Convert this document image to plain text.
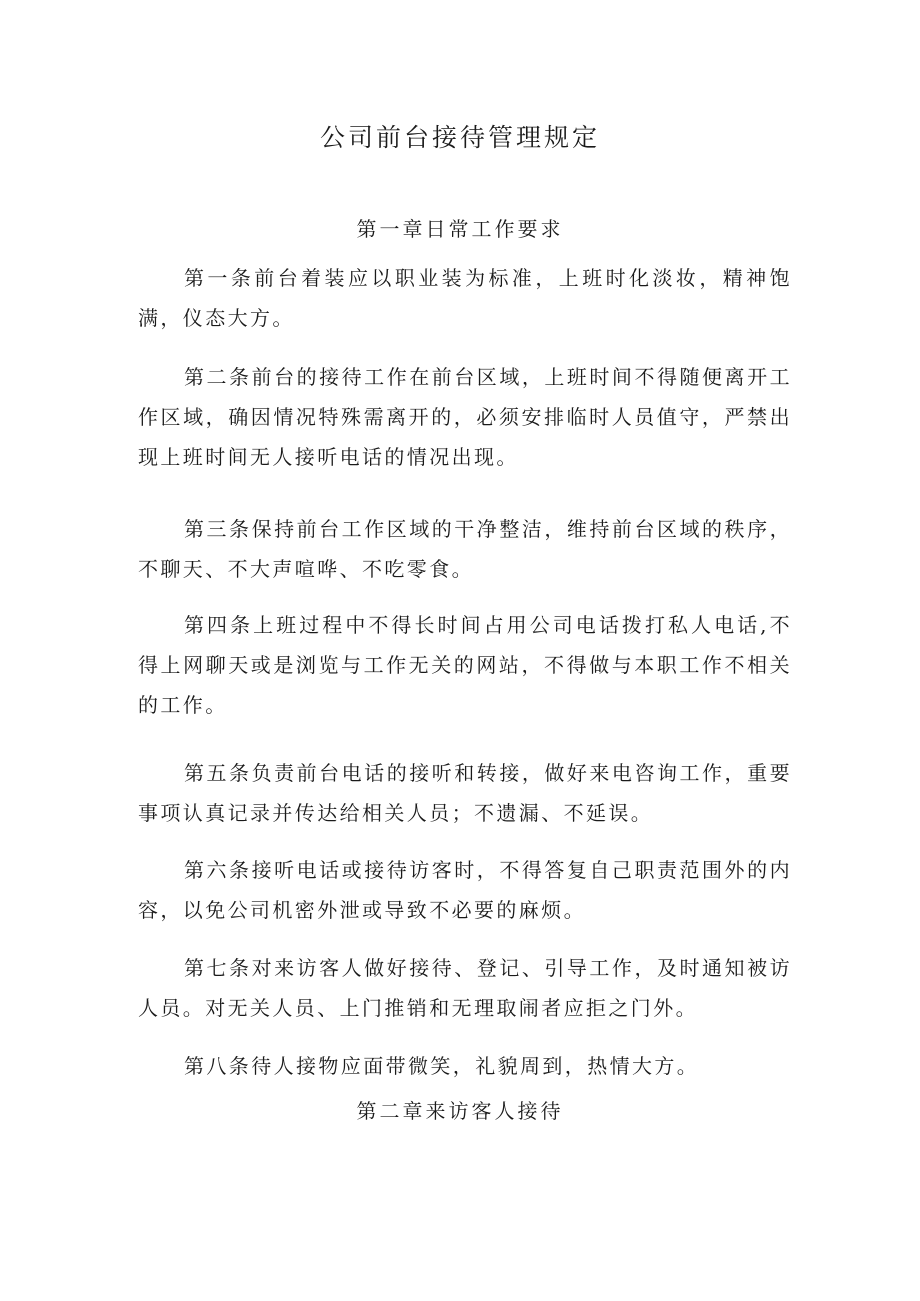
公司前台接待管理规定
第一章日常工作要求

第一条前台着装应以职业装为标准，上班时化淡妆，精神饱满，仪态大方。

第二条前台的接待工作在前台区域，上班时间不得随便离开工作区域，确因情况特殊需离开的，必须安排临时人员值守，严禁出现上班时间无人接听电话的情况出现。

第三条保持前台工作区域的干净整洁，维持前台区域的秩序，不聊天、不大声喧哗、不吃零食。

第四条上班过程中不得长时间占用公司电话拨打私人电话,不得上网聊天或是浏览与工作无关的网站，不得做与本职工作不相关的工作。

第五条负责前台电话的接听和转接，做好来电咨询工作，重要事项认真记录并传达给相关人员；不遗漏、不延误。

第六条接听电话或接待访客时，不得答复自己职责范围外的内容，以免公司机密外泄或导致不必要的麻烦。

第七条对来访客人做好接待、登记、引导工作，及时通知被访人员。对无关人员、上门推销和无理取闹者应拒之门外。

第八条待人接物应面带微笑，礼貌周到，热情大方。

第二章来访客人接待
